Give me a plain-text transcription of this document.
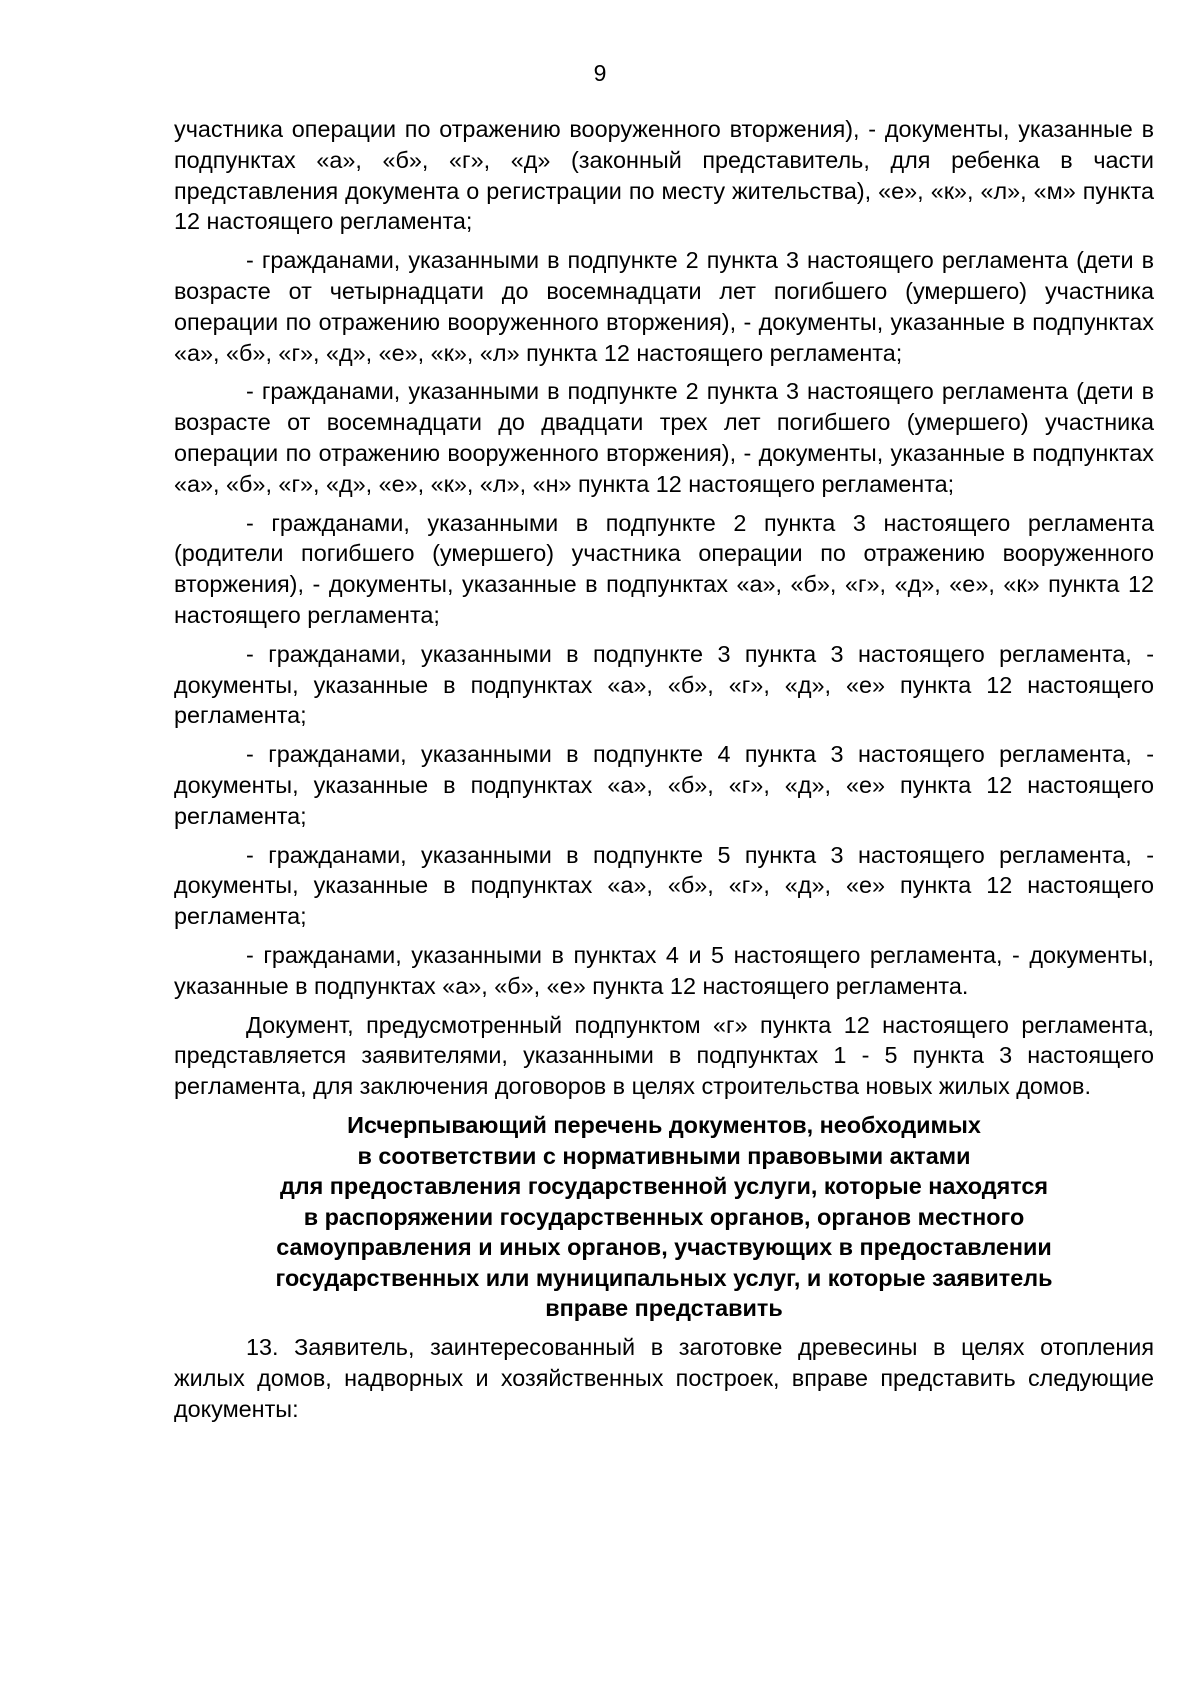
9

участника операции по отражению вооруженного вторжения), - документы, указанные в подпунктах «а», «б», «г», «д» (законный представитель, для ребенка в части представления документа о регистрации по месту жительства), «е», «к», «л», «м» пункта 12 настоящего регламента;

- гражданами, указанными в подпункте 2 пункта 3 настоящего регламента (дети в возрасте от четырнадцати до восемнадцати лет погибшего (умершего) участника операции по отражению вооруженного вторжения), - документы, указанные в подпунктах «а», «б», «г», «д», «е», «к», «л» пункта 12 настоящего регламента;

- гражданами, указанными в подпункте 2 пункта 3 настоящего регламента (дети в возрасте от восемнадцати до двадцати трех лет погибшего (умершего) участника операции по отражению вооруженного вторжения), - документы, указанные в подпунктах «а», «б», «г», «д», «е», «к», «л», «н» пункта 12 настоящего регламента;

- гражданами, указанными в подпункте 2 пункта 3 настоящего регламента (родители погибшего (умершего) участника операции по отражению вооруженного вторжения), - документы, указанные в подпунктах «а», «б», «г», «д», «е», «к» пункта 12 настоящего регламента;

- гражданами, указанными в подпункте 3 пункта 3 настоящего регламента, - документы, указанные в подпунктах «а», «б», «г», «д», «е» пункта 12 настоящего регламента;

- гражданами, указанными в подпункте 4 пункта 3 настоящего регламента, - документы, указанные в подпунктах «а», «б», «г», «д», «е» пункта 12 настоящего регламента;

- гражданами, указанными в подпункте 5 пункта 3 настоящего регламента, - документы, указанные в подпунктах «а», «б», «г», «д», «е» пункта 12 настоящего регламента;

- гражданами, указанными в пунктах 4 и 5 настоящего регламента, - документы, указанные в подпунктах «а», «б», «е» пункта 12 настоящего регламента.

Документ, предусмотренный подпунктом «г» пункта 12 настоящего регламента, представляется заявителями, указанными в подпунктах 1 - 5 пункта 3 настоящего регламента, для заключения договоров в целях строительства новых жилых домов.

Исчерпывающий перечень документов, необходимых
в соответствии с нормативными правовыми актами
для предоставления государственной услуги, которые находятся
в распоряжении государственных органов, органов местного
самоуправления и иных органов, участвующих в предоставлении
государственных или муниципальных услуг, и которые заявитель
вправе представить

13. Заявитель, заинтересованный в заготовке древесины в целях отопления жилых домов, надворных и хозяйственных построек, вправе представить следующие документы:
